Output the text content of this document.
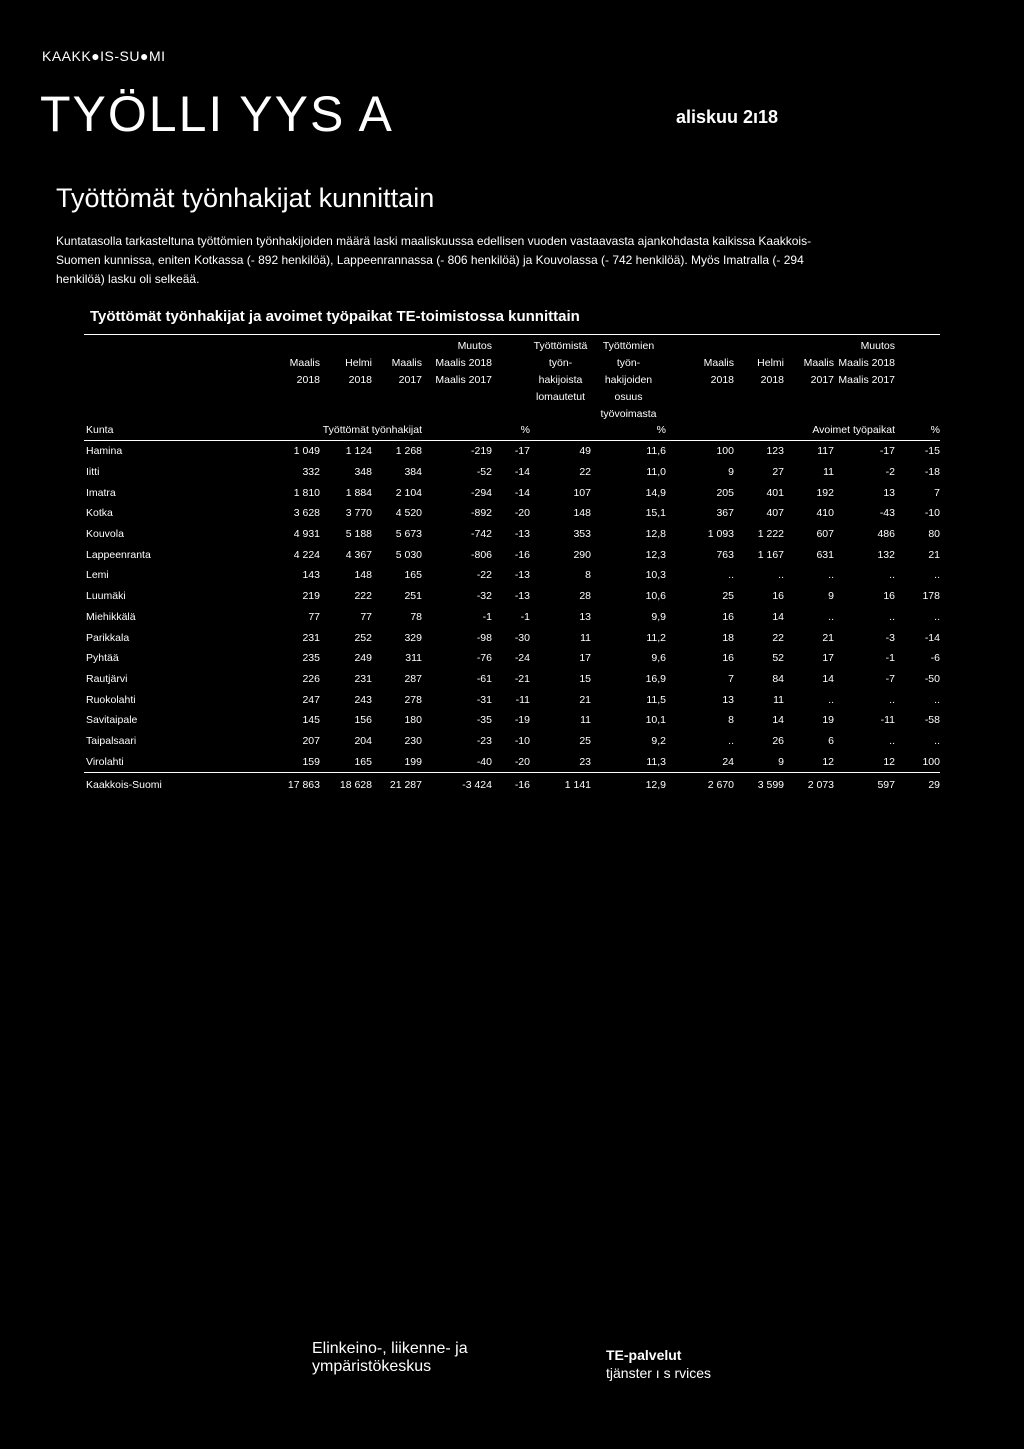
KAAKK●IS-SU●MI
TYÖLLI YYS A	aliskuu 2ı18
Työttömät työnhakijat kunnittain

Kuntatasolla tarkasteltuna työttömien työnhakijoiden määrä laski maaliskuussa edellisen vuoden vastaavasta ajankohdasta kaikissa Kaakkois-Suomen kunnissa, eniten Kotkassa (- 892 henkilöä), Lappeenrannassa (- 806 henkilöä) ja Kouvolassa (- 742 henkilöä). Myös Imatralla (- 294 henkilöä) lasku oli selkeää.

Työttömät työnhakijat ja avoimet työpaikat TE-toimistossa kunnittain
				Muutos		Työttömistä	Työttömien				Muutos	
	Maalis	Helmi	Maalis	Maalis 2018		työn-	työn-	Maalis	Helmi	Maalis	Maalis 2018	
	2018	2018	2017	Maalis 2017		hakijoista	hakijoiden	2018	2018	2017	Maalis 2017	
						lomautetut	osuus					
							työvoimasta					
Kunta	Työttömät työnhakijat				%		%	Avoimet työpaikat				%
Hamina	1 049	1 124	1 268	-219	-17	49	11,6	100	123	117	-17	-15
Iitti	332	348	384	-52	-14	22	11,0	9	27	11	-2	-18
Imatra	1 810	1 884	2 104	-294	-14	107	14,9	205	401	192	13	7
Kotka	3 628	3 770	4 520	-892	-20	148	15,1	367	407	410	-43	-10
Kouvola	4 931	5 188	5 673	-742	-13	353	12,8	1 093	1 222	607	486	80
Lappeenranta	4 224	4 367	5 030	-806	-16	290	12,3	763	1 167	631	132	21
Lemi	143	148	165	-22	-13	8	10,3	..	..	..	..	..
Luumäki	219	222	251	-32	-13	28	10,6	25	16	9	16	178
Miehikkälä	77	77	78	-1	-1	13	9,9	16	14	..	..	..
Parikkala	231	252	329	-98	-30	11	11,2	18	22	21	-3	-14
Pyhtää	235	249	311	-76	-24	17	9,6	16	52	17	-1	-6
Rautjärvi	226	231	287	-61	-21	15	16,9	7	84	14	-7	-50
Ruokolahti	247	243	278	-31	-11	21	11,5	13	11	..	..	..
Savitaipale	145	156	180	-35	-19	11	10,1	8	14	19	-11	-58
Taipalsaari	207	204	230	-23	-10	25	9,2	..	26	6	..	..
Virolahti	159	165	199	-40	-20	23	11,3	24	9	12	12	100
Kaakkois-Suomi	17 863	18 628	21 287	-3 424	-16	1 141	12,9	2 670	3 599	2 073	597	29
Elinkeino-, liikenne- ja
ympäristökeskus
TE-palvelut
tjänster ı s rvices
